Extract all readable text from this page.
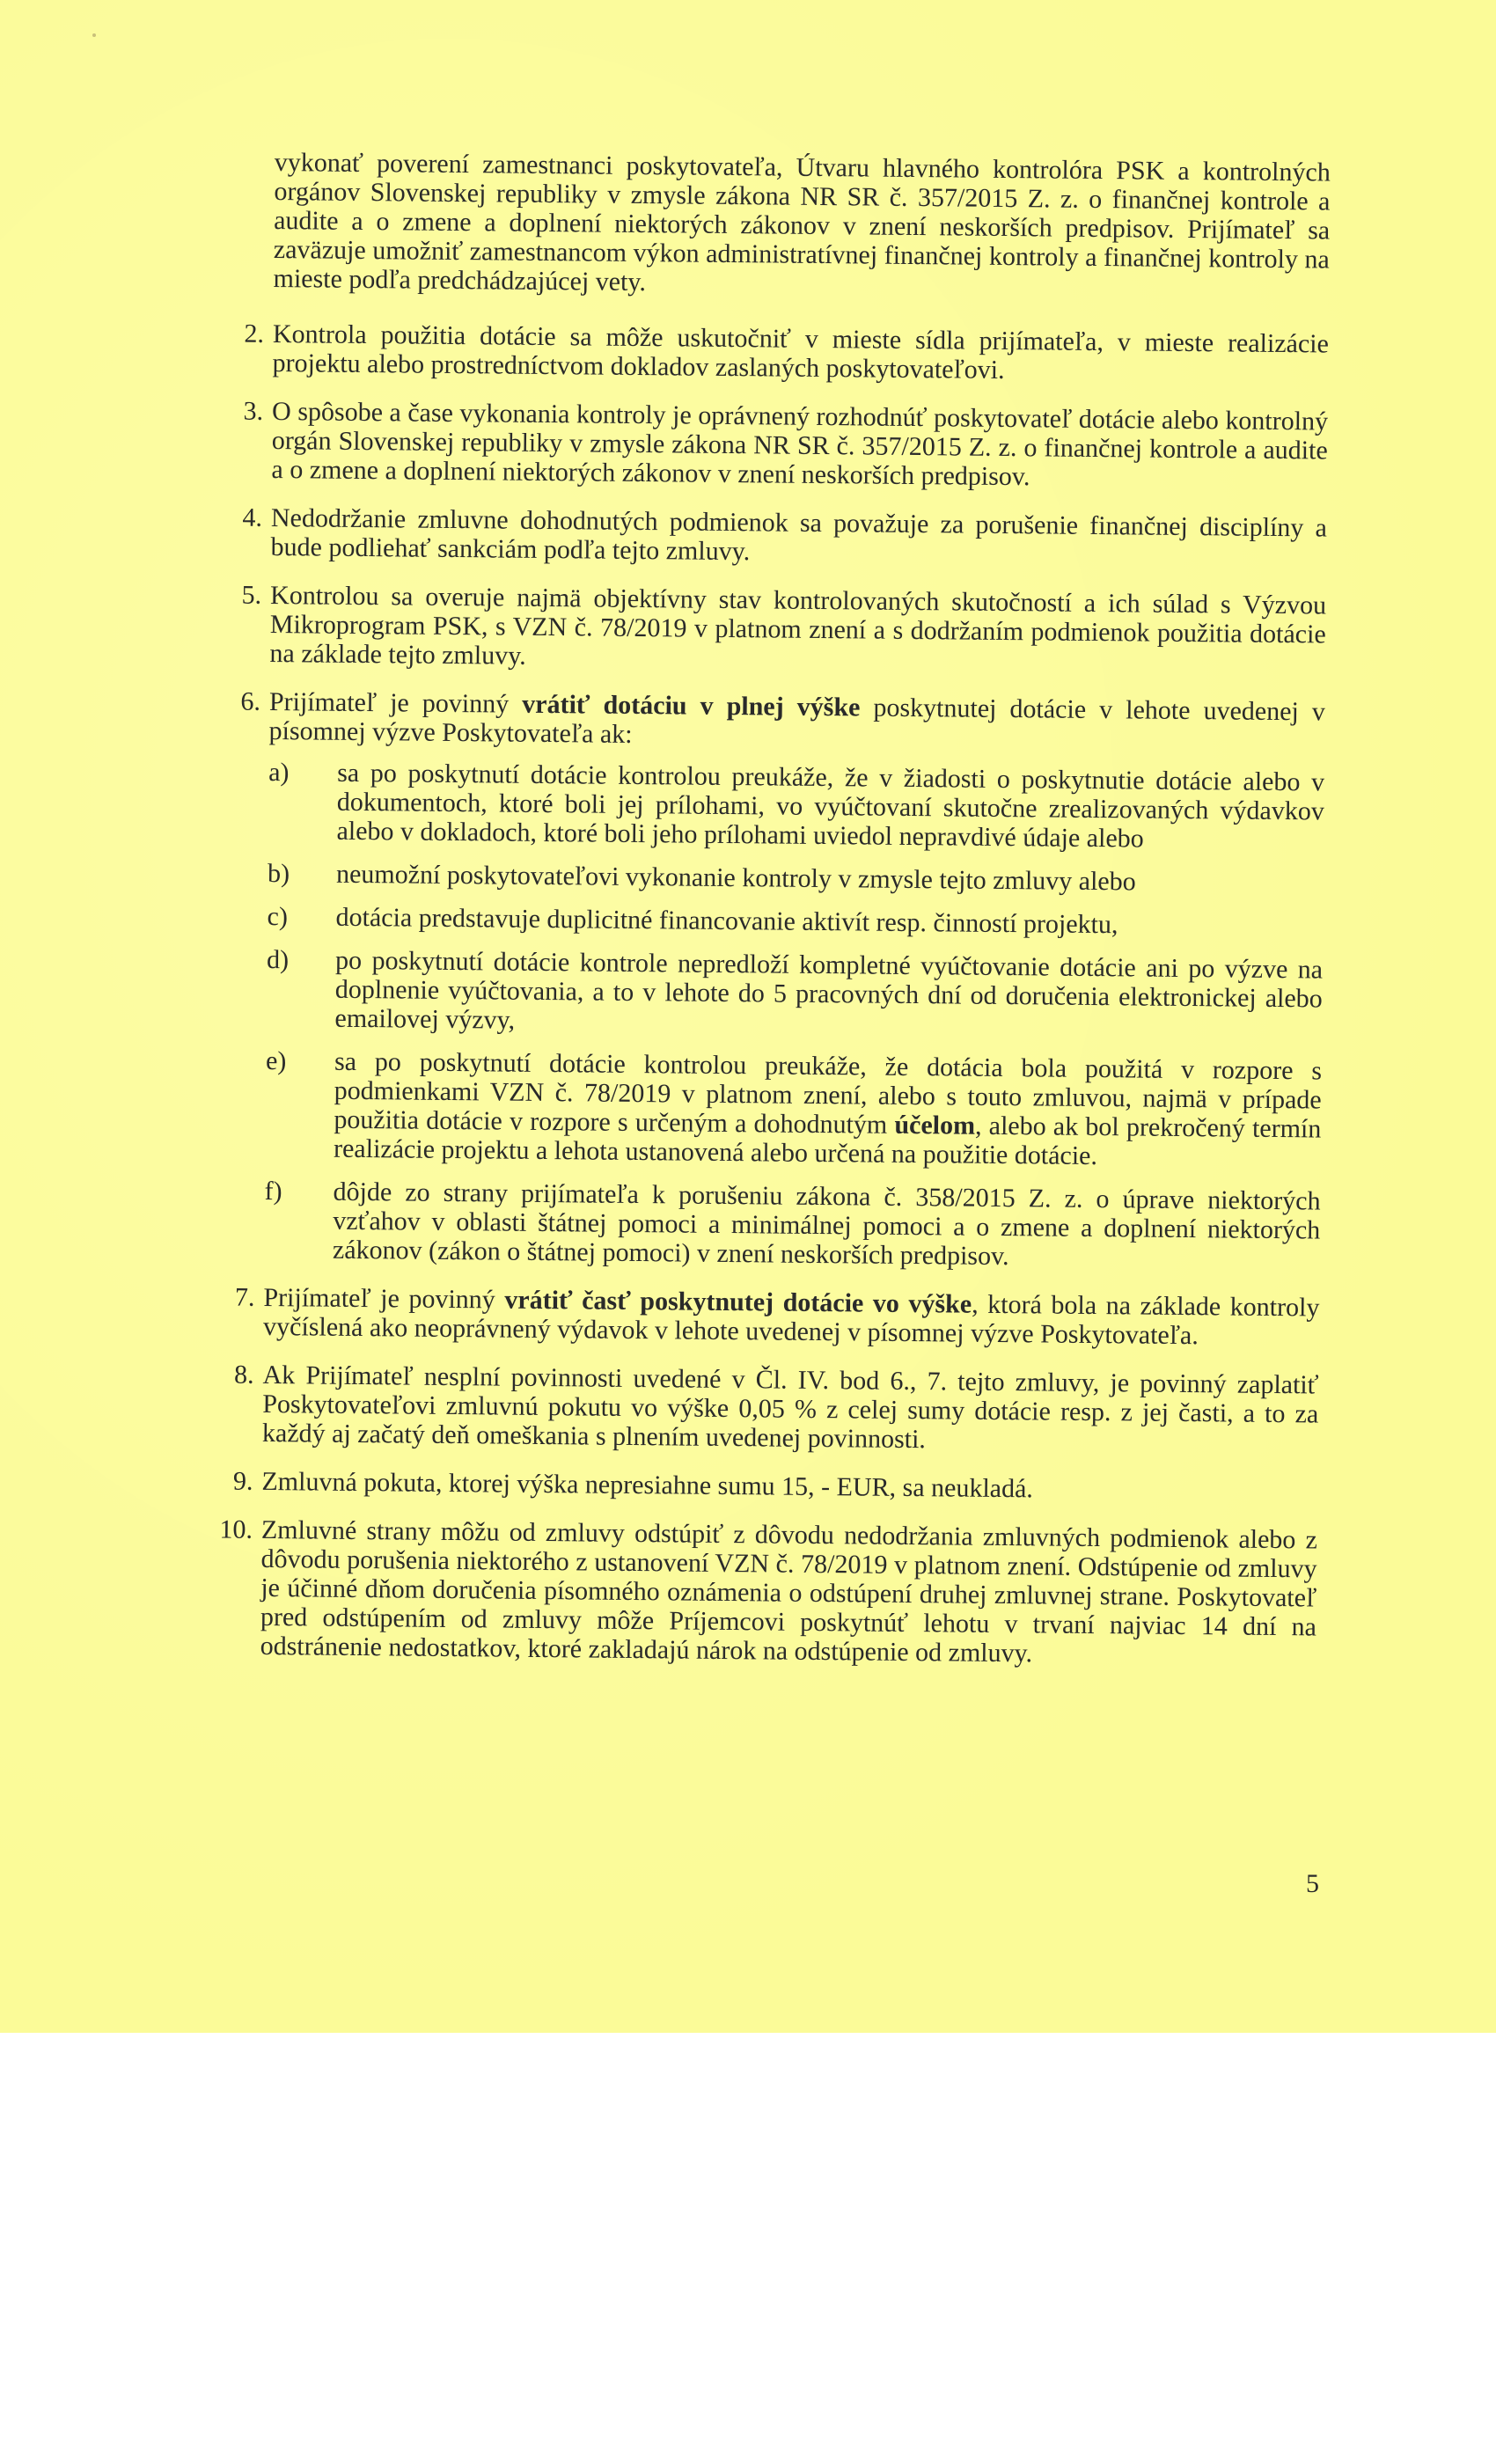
vykonať poverení zamestnanci poskytovateľa, Útvaru hlavného kontrolóra PSK a kontrolných orgánov Slovenskej republiky v zmysle zákona NR SR č. 357/2015 Z. z. o finančnej kontrole a audite a o zmene a doplnení niektorých zákonov v znení neskorších predpisov. Prijímateľ sa zaväzuje umožniť zamestnancom výkon administratívnej finančnej kontroly a finančnej kontroly na mieste podľa predchádzajúcej vety.

2. Kontrola použitia dotácie sa môže uskutočniť v mieste sídla prijímateľa, v mieste realizácie projektu alebo prostredníctvom dokladov zaslaných poskytovateľovi.
3. O spôsobe a čase vykonania kontroly je oprávnený rozhodnúť poskytovateľ dotácie alebo kontrolný orgán Slovenskej republiky v zmysle zákona NR SR č. 357/2015 Z. z. o finančnej kontrole a audite a o zmene a doplnení niektorých zákonov v znení neskorších predpisov.
4. Nedodržanie zmluvne dohodnutých podmienok sa považuje za porušenie finančnej disciplíny a bude podliehať sankciám podľa tejto zmluvy.
5. Kontrolou sa overuje najmä objektívny stav kontrolovaných skutočností a ich súlad s Výzvou Mikroprogram PSK, s VZN č. 78/2019 v platnom znení a s dodržaním podmienok použitia dotácie na základe tejto zmluvy.
6. Prijímateľ je povinný vrátiť dotáciu v plnej výške poskytnutej dotácie v lehote uvedenej v písomnej výzve Poskytovateľa ak:
a)	sa po poskytnutí dotácie kontrolou preukáže, že v žiadosti o poskytnutie dotácie alebo v dokumentoch, ktoré boli jej prílohami, vo vyúčtovaní skutočne zrealizovaných výdavkov alebo v dokladoch, ktoré boli jeho prílohami uviedol nepravdivé údaje alebo
b)	neumožní poskytovateľovi vykonanie kontroly v zmysle tejto zmluvy alebo
c)	dotácia predstavuje duplicitné financovanie aktivít resp. činností projektu,
d)	po poskytnutí dotácie kontrole nepredloží kompletné vyúčtovanie dotácie ani po výzve na doplnenie vyúčtovania, a to v lehote do 5 pracovných dní od doručenia elektronickej alebo emailovej výzvy,
e)	sa po poskytnutí dotácie kontrolou preukáže, že dotácia bola použitá v rozpore s podmienkami VZN č. 78/2019 v platnom znení, alebo s touto zmluvou, najmä v prípade použitia dotácie v rozpore s určeným a dohodnutým účelom, alebo ak bol prekročený termín realizácie projektu a lehota ustanovená alebo určená na použitie dotácie.
f)	dôjde zo strany prijímateľa k porušeniu zákona č. 358/2015 Z. z. o úprave niektorých vzťahov v oblasti štátnej pomoci a minimálnej pomoci a o zmene a doplnení niektorých zákonov (zákon o štátnej pomoci) v znení neskorších predpisov.
7. Prijímateľ je povinný vrátiť časť poskytnutej dotácie vo výške, ktorá bola na základe kontroly vyčíslená ako neoprávnený výdavok v lehote uvedenej v písomnej výzve Poskytovateľa.
8. Ak Prijímateľ nesplní povinnosti uvedené v Čl. IV. bod 6., 7. tejto zmluvy, je povinný zaplatiť Poskytovateľovi zmluvnú pokutu vo výške 0,05 % z celej sumy dotácie resp. z jej časti, a to za každý aj začatý deň omeškania s plnením uvedenej povinnosti.
9. Zmluvná pokuta, ktorej výška nepresiahne sumu 15, - EUR, sa neukladá.
10. Zmluvné strany môžu od zmluvy odstúpiť z dôvodu nedodržania zmluvných podmienok alebo z dôvodu porušenia niektorého z ustanovení VZN č. 78/2019 v platnom znení. Odstúpenie od zmluvy je účinné dňom doručenia písomného oznámenia o odstúpení druhej zmluvnej strane. Poskytovateľ pred odstúpením od zmluvy môže Príjemcovi poskytnúť lehotu v trvaní najviac 14 dní na odstránenie nedostatkov, ktoré zakladajú nárok na odstúpenie od zmluvy.
5
